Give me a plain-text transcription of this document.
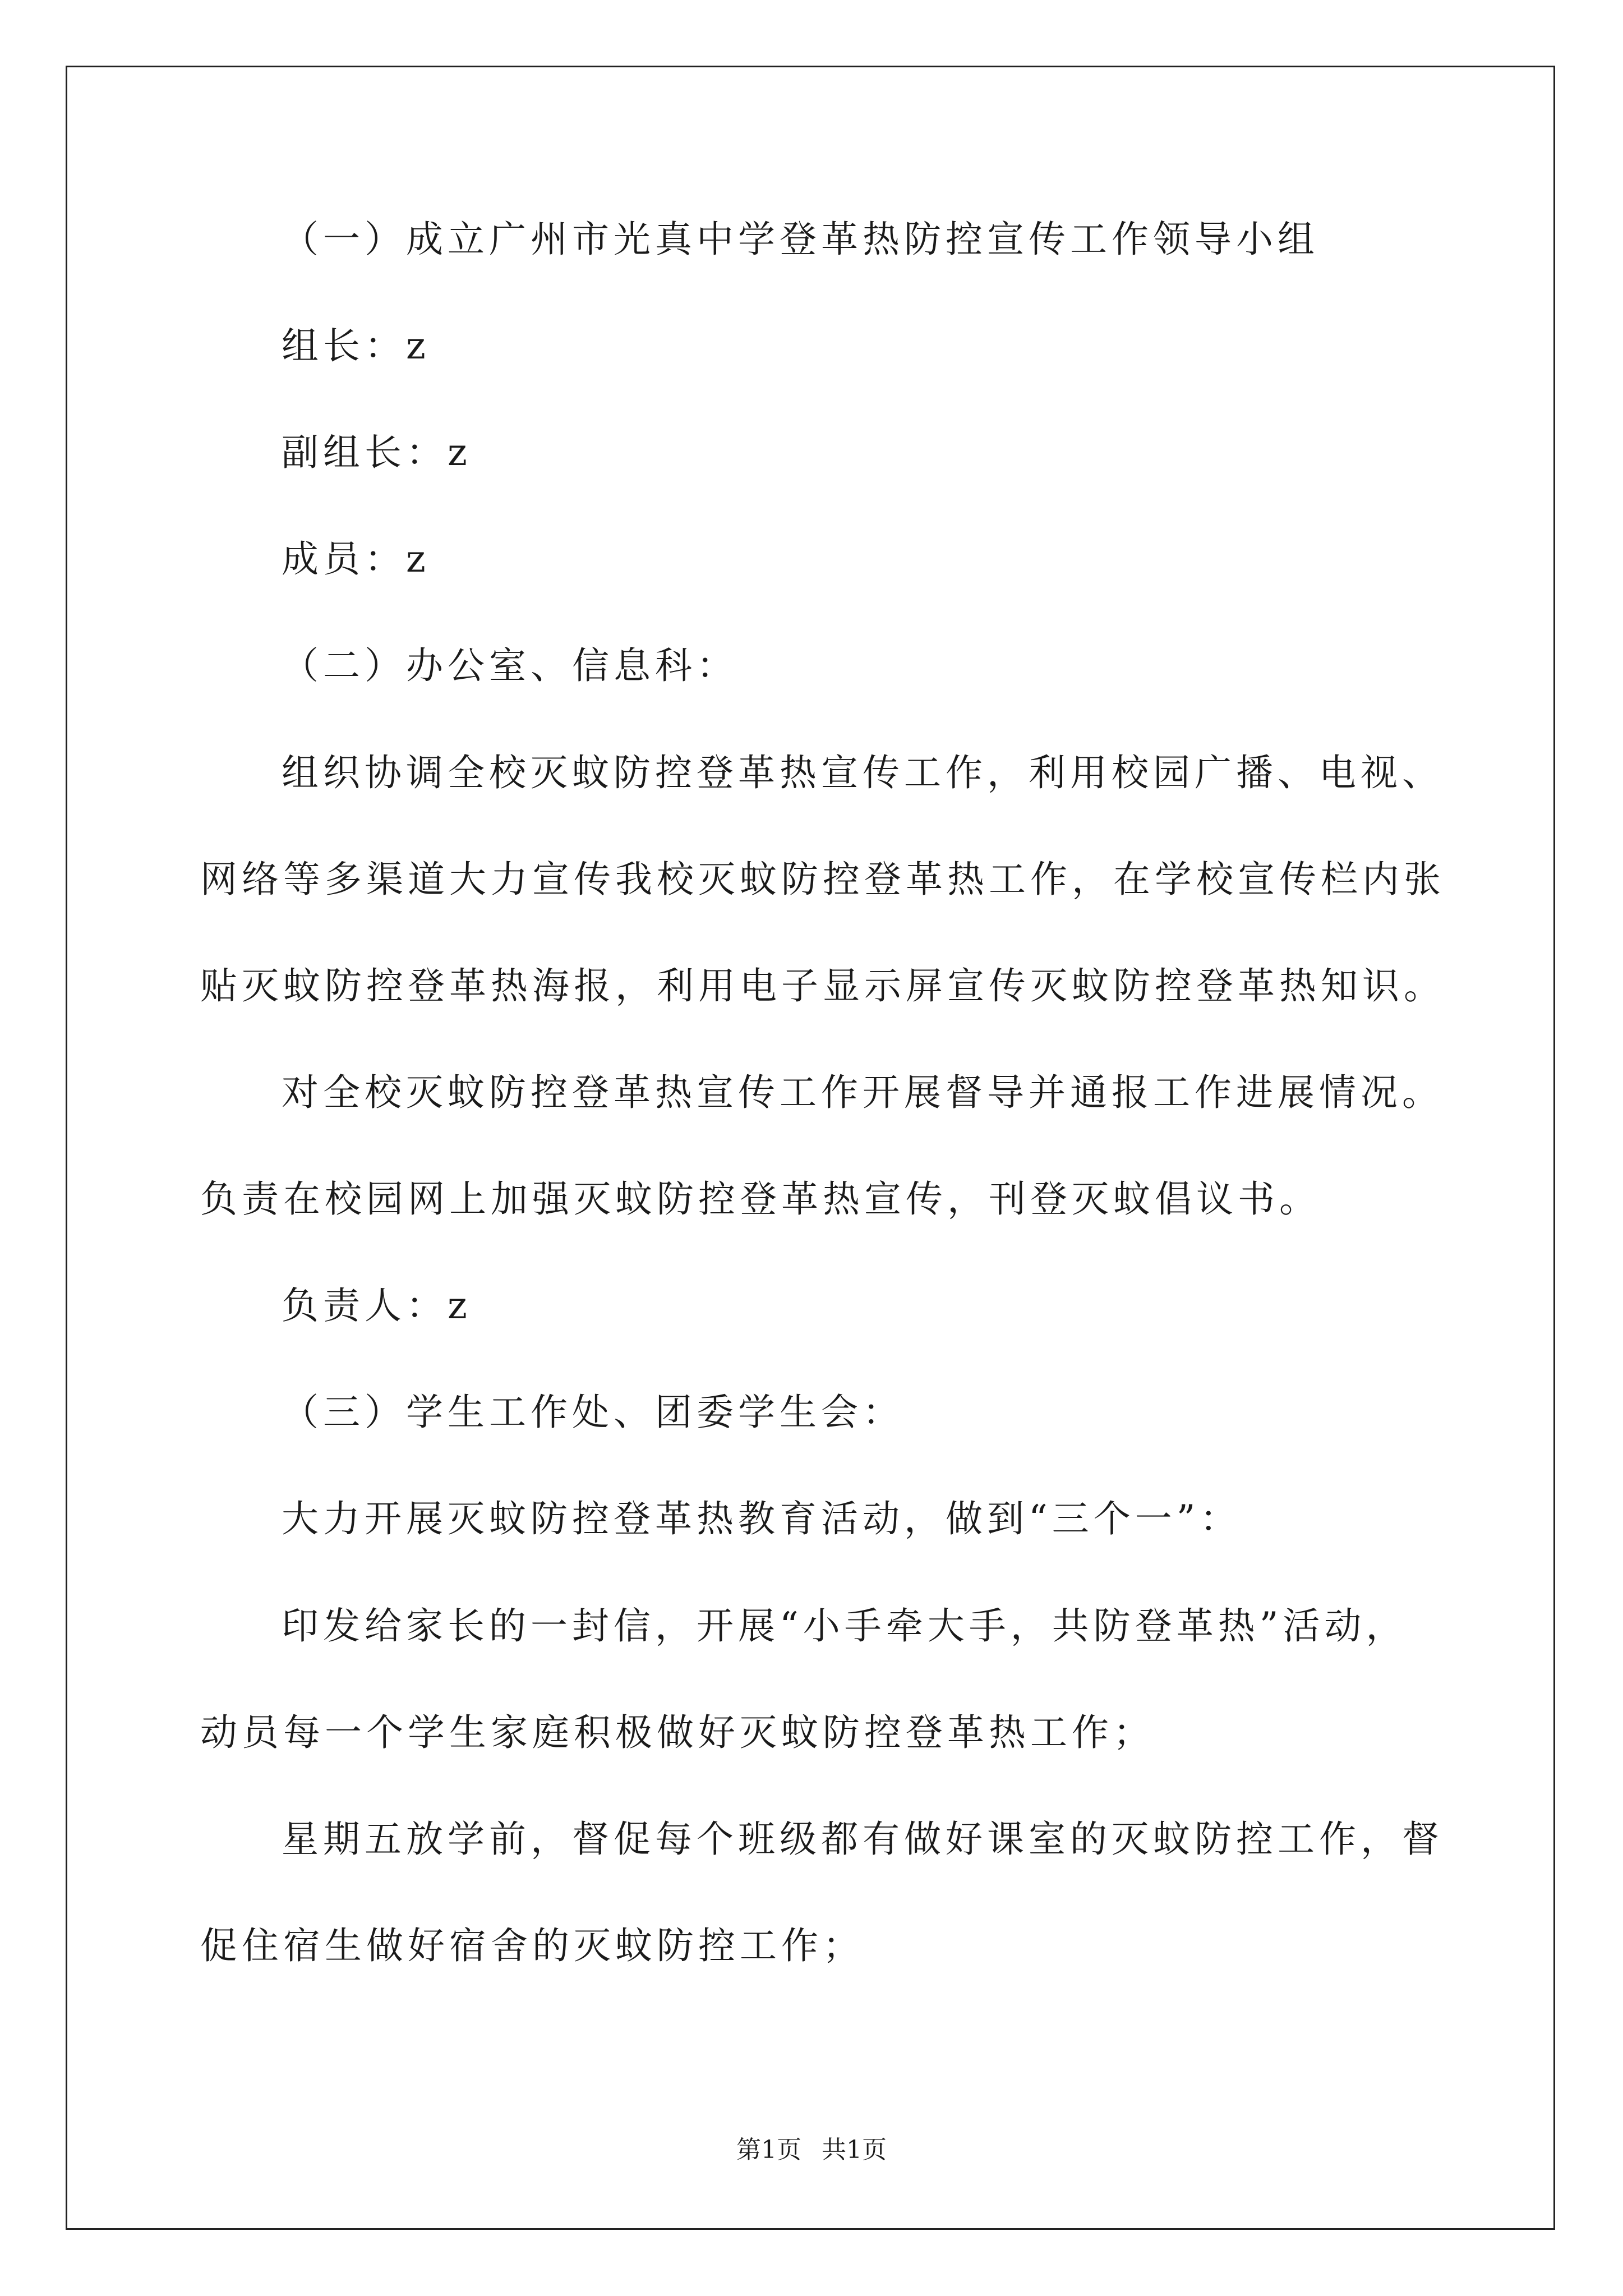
（一）成立广州市光真中学登革热防控宣传工作领导小组
组长：z
副组长：z
成员：z
（二）办公室、信息科：
组织协调全校灭蚊防控登革热宣传工作，利用校园广播、电视、
网络等多渠道大力宣传我校灭蚊防控登革热工作，在学校宣传栏内张
贴灭蚊防控登革热海报，利用电子显示屏宣传灭蚊防控登革热知识。
对全校灭蚊防控登革热宣传工作开展督导并通报工作进展情况。
负责在校园网上加强灭蚊防控登革热宣传，刊登灭蚊倡议书。
负责人：z
（三）学生工作处、团委学生会：
大力开展灭蚊防控登革热教育活动，做到“三个一”：
印发给家长的一封信，开展“小手牵大手，共防登革热”活动，
动员每一个学生家庭积极做好灭蚊防控登革热工作；
星期五放学前，督促每个班级都有做好课室的灭蚊防控工作，督
促住宿生做好宿舍的灭蚊防控工作；
第1页 共1页
